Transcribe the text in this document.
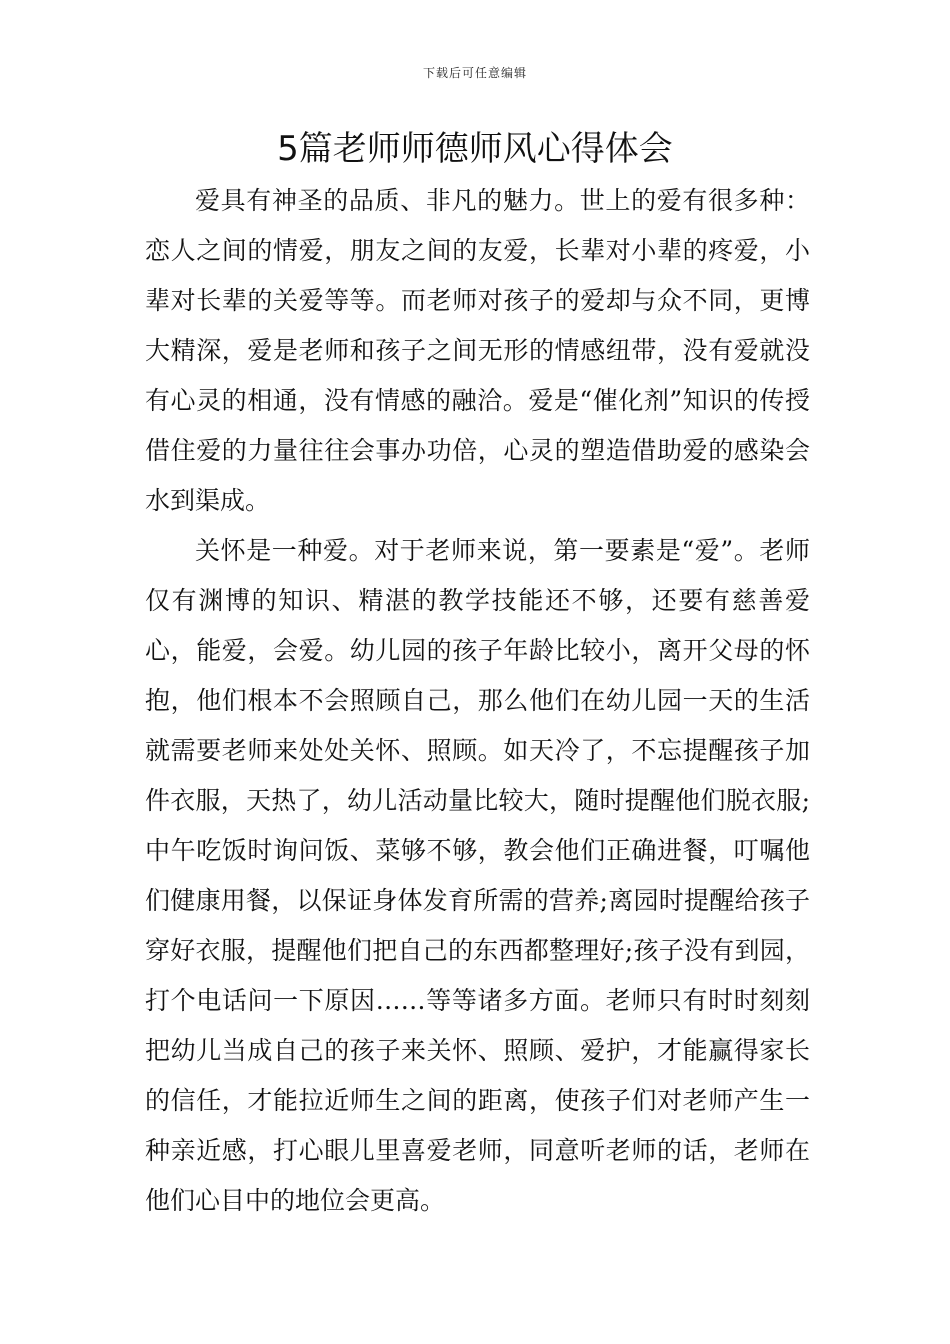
下载后可任意编辑
5篇老师师德师风心得体会

爱具有神圣的品质、非凡的魅力。世上的爱有很多种：恋人之间的情爱，朋友之间的友爱，长辈对小辈的疼爱，小辈对长辈的关爱等等。而老师对孩子的爱却与众不同，更博大精深，爱是老师和孩子之间无形的情感纽带，没有爱就没有心灵的相通，没有情感的融洽。爱是“催化剂”知识的传授借住爱的力量往往会事办功倍，心灵的塑造借助爱的感染会水到渠成。

关怀是一种爱。对于老师来说，第一要素是“爱”。老师仅有渊博的知识、精湛的教学技能还不够，还要有慈善爱心，能爱，会爱。幼儿园的孩子年龄比较小，离开父母的怀抱，他们根本不会照顾自己，那么他们在幼儿园一天的生活就需要老师来处处关怀、照顾。如天冷了，不忘提醒孩子加件衣服，天热了，幼儿活动量比较大，随时提醒他们脱衣服;中午吃饭时询问饭、菜够不够，教会他们正确进餐，叮嘱他们健康用餐，以保证身体发育所需的营养;离园时提醒给孩子穿好衣服，提醒他们把自己的东西都整理好;孩子没有到园，打个电话问一下原因……等等诸多方面。老师只有时时刻刻把幼儿当成自己的孩子来关怀、照顾、爱护，才能赢得家长的信任，才能拉近师生之间的距离，使孩子们对老师产生一种亲近感，打心眼儿里喜爱老师，同意听老师的话，老师在他们心目中的地位会更高。
